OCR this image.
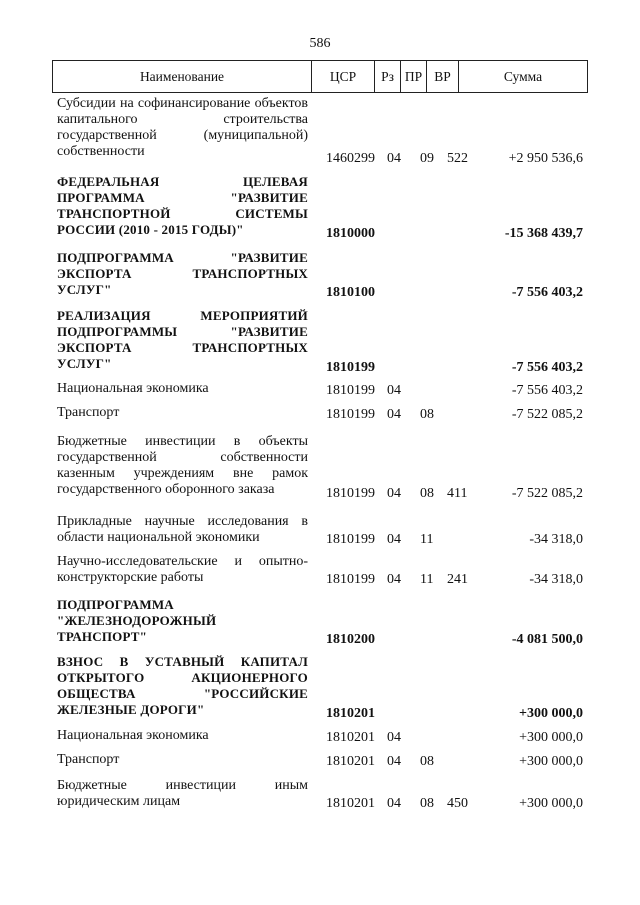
586
Наименование	ЦСР	Рз ПР ВР	Сумма
Субсидии на софинансирование объектов капитального строительства государственной (муниципальной) собственности	1460299 04 09 522	+2 950 536,6
ФЕДЕРАЛЬНАЯ ЦЕЛЕВАЯ ПРОГРАММА "РАЗВИТИЕ ТРАНСПОРТНОЙ СИСТЕМЫ РОССИИ (2010 - 2015 ГОДЫ)"	1810000	-15 368 439,7
ПОДПРОГРАММА "РАЗВИТИЕ ЭКСПОРТА ТРАНСПОРТНЫХ УСЛУГ"	1810100	-7 556 403,2
РЕАЛИЗАЦИЯ МЕРОПРИЯТИЙ ПОДПРОГРАММЫ "РАЗВИТИЕ ЭКСПОРТА ТРАНСПОРТНЫХ УСЛУГ"	1810199	-7 556 403,2
Национальная экономика	1810199 04	-7 556 403,2
Транспорт	1810199 04 08	-7 522 085,2
Бюджетные инвестиции в объекты государственной собственности казенным учреждениям вне рамок государственного оборонного заказа	1810199 04 08 411	-7 522 085,2
Прикладные научные исследования в области национальной экономики	1810199 04 11	-34 318,0
Научно-исследовательские и опытно-конструкторские работы	1810199 04 11 241	-34 318,0
ПОДПРОГРАММА "ЖЕЛЕЗНОДОРОЖНЫЙ ТРАНСПОРТ"	1810200	-4 081 500,0
ВЗНОС В УСТАВНЫЙ КАПИТАЛ ОТКРЫТОГО АКЦИОНЕРНОГО ОБЩЕСТВА "РОССИЙСКИЕ ЖЕЛЕЗНЫЕ ДОРОГИ"	1810201	+300 000,0
Национальная экономика	1810201 04	+300 000,0
Транспорт	1810201 04 08	+300 000,0
Бюджетные инвестиции иным юридическим лицам	1810201 04 08 450	+300 000,0
